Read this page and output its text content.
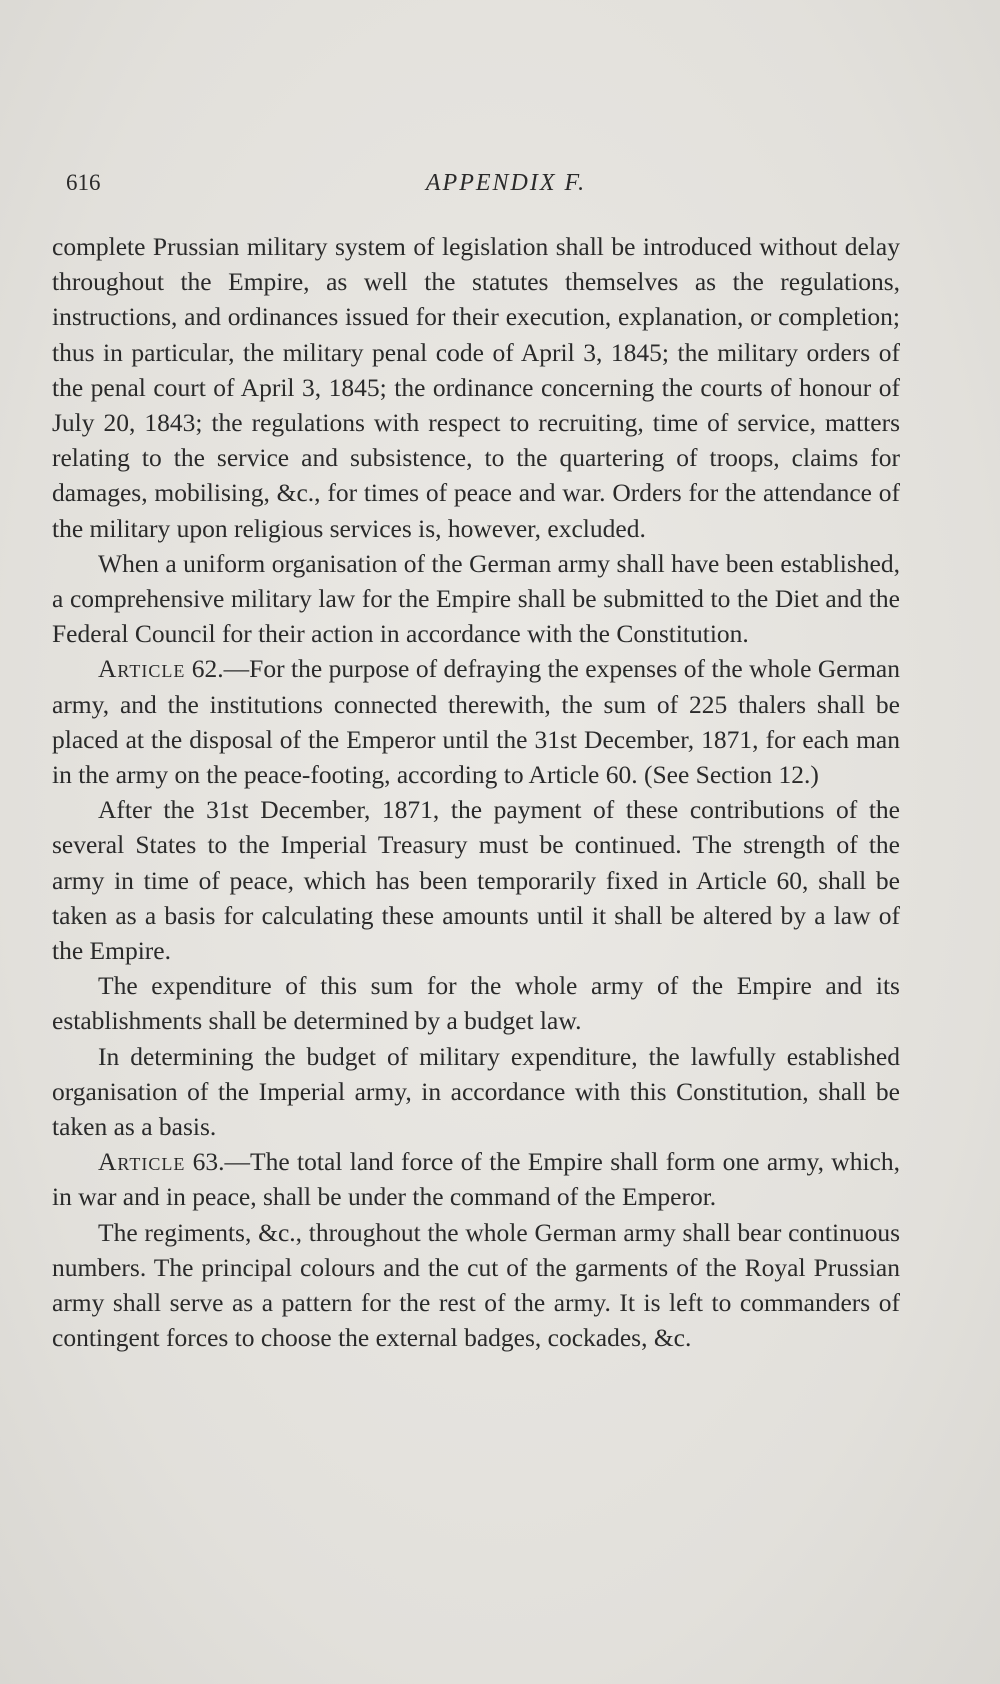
616	APPENDIX F.

complete Prussian military system of legislation shall be introduced without delay throughout the Empire, as well the statutes themselves as the regulations, instructions, and ordinances issued for their execution, explanation, or completion; thus in particular, the military penal code of April 3, 1845; the military orders of the penal court of April 3, 1845; the ordinance concerning the courts of honour of July 20, 1843; the regulations with respect to recruiting, time of service, matters relating to the service and subsistence, to the quartering of troops, claims for damages, mobilising, &c., for times of peace and war. Orders for the attendance of the military upon religious services is, however, excluded.

When a uniform organisation of the German army shall have been established, a comprehensive military law for the Empire shall be submitted to the Diet and the Federal Council for their action in accordance with the Constitution.

Article 62.—For the purpose of defraying the expenses of the whole German army, and the institutions connected therewith, the sum of 225 thalers shall be placed at the disposal of the Emperor until the 31st December, 1871, for each man in the army on the peace-footing, according to Article 60. (See Section 12.)

After the 31st December, 1871, the payment of these contributions of the several States to the Imperial Treasury must be continued. The strength of the army in time of peace, which has been temporarily fixed in Article 60, shall be taken as a basis for calculating these amounts until it shall be altered by a law of the Empire.

The expenditure of this sum for the whole army of the Empire and its establishments shall be determined by a budget law.

In determining the budget of military expenditure, the lawfully established organisation of the Imperial army, in accordance with this Constitution, shall be taken as a basis.

Article 63.—The total land force of the Empire shall form one army, which, in war and in peace, shall be under the command of the Emperor.

The regiments, &c., throughout the whole German army shall bear continuous numbers. The principal colours and the cut of the garments of the Royal Prussian army shall serve as a pattern for the rest of the army. It is left to commanders of contingent forces to choose the external badges, cockades, &c.
